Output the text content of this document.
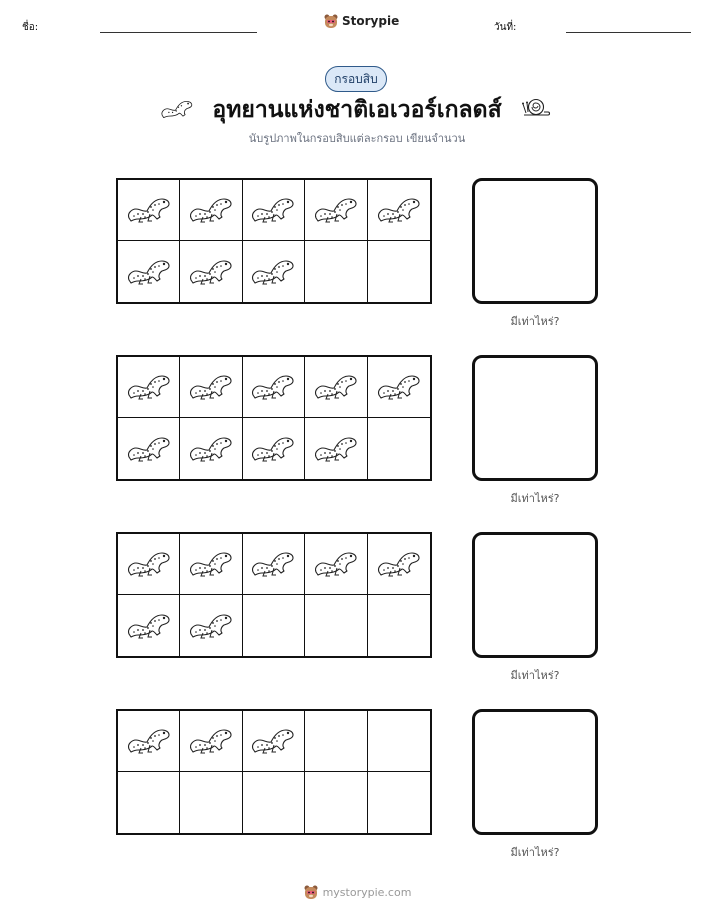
ชื่อ:	Storypie	วันที่:
กรอบสิบ
อุทยานแห่งชาติเอเวอร์เกลดส์
นับรูปภาพในกรอบสิบแต่ละกรอบ เขียนจำนวน
มีเท่าไหร่?
มีเท่าไหร่?
มีเท่าไหร่?
มีเท่าไหร่?
mystorypie.com
